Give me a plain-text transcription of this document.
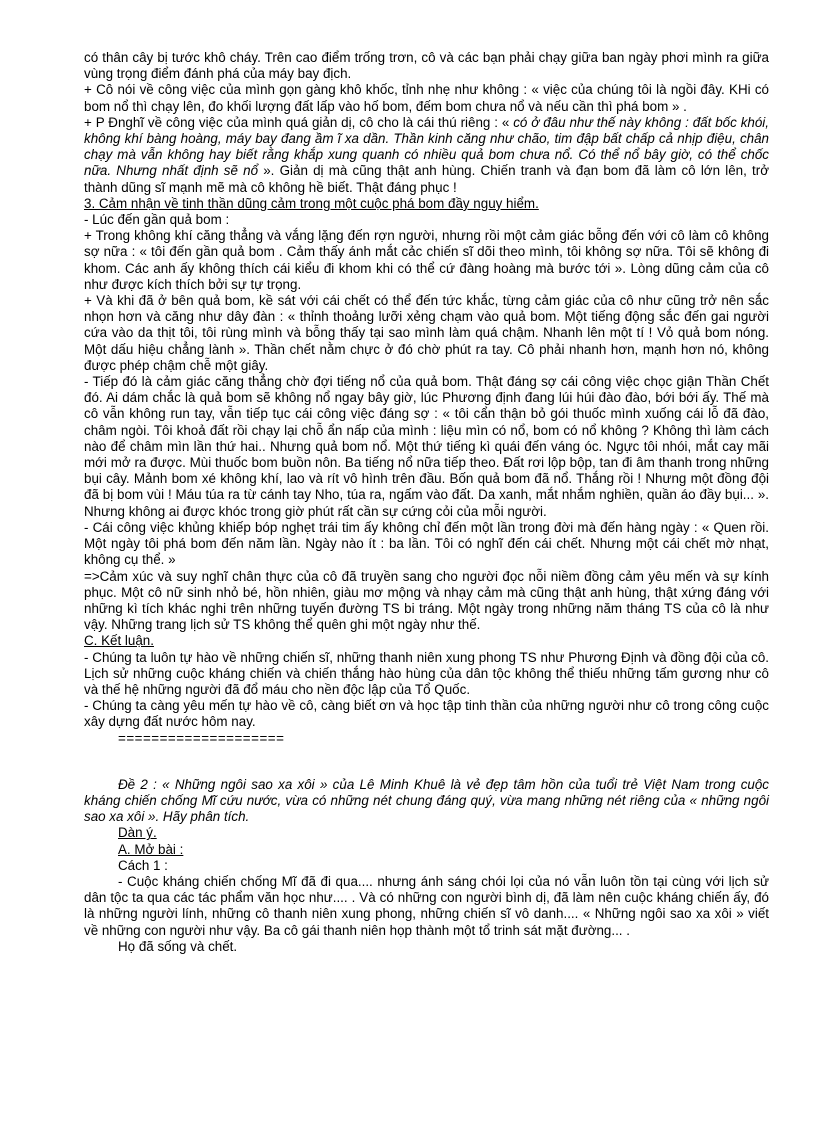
có thân cây bị tước khô cháy. Trên cao điểm trống trơn, cô và các bạn phải chạy giữa ban ngày phơi mình ra giữa vùng trọng điểm đánh phá của máy bay địch.

+ Cô nói về công việc của mình gọn gàng khô khốc, tỉnh nhẹ như không : « việc của chúng tôi là ngồi đây. KHi có bom nổ thì chạy lên, đo khối lượng đất lấp vào hố bom, đếm bom chưa nổ và nếu cần thì phá bom » .

+ P Đnghĩ về công việc của mình quá giản dị, cô cho là cái thú riêng : « có ở đâu như thế này không : đất bốc khói, không khí bàng hoàng, máy bay đang ầm ĩ xa dần. Thần kinh căng như chão, tim đập bất chấp cả nhịp điệu, chân chạy mà vẫn không hay biết rằng khắp xung quanh có nhiều quả bom chưa nổ. Có thể nổ bây giờ, có thể chốc nữa. Nhưng nhất định sẽ nổ ». Giản dị mà cũng thật anh hùng. Chiến tranh và đạn bom đã làm cô lớn lên, trở thành dũng sĩ mạnh mẽ mà cô không hề biết. Thật đáng phục !

3. Cảm nhận về tinh thần dũng cảm trong một cuộc phá bom đầy nguy hiểm.

- Lúc đến gần quả bom :

+ Trong không khí căng thẳng và vắng lặng đến rợn người, nhưng rồi một cảm giác bỗng đến với cô làm cô không sợ nữa : « tôi đến gần quả bom . Cảm thấy ánh mắt cảc chiến sĩ dõi theo mình, tôi không sợ nữa. Tôi sẽ không đi khom. Các anh ấy không thích cái kiểu đi khom khi có thể cứ đàng hoàng mà bước tới ». Lòng dũng cảm của cô như được kích thích bởi sự tự trọng.

+ Và khi đã ở bên quả bom, kề sát với cái chết có thể đến tức khắc, từng cảm giác của cô như cũng trở nên sắc nhọn hơn và căng như dây đàn : « thỉnh thoảng lưỡi xẻng chạm vào quả bom. Một tiếng động sắc đến gai người cứa vào da thịt tôi, tôi rùng mình và bỗng thấy tại sao mình làm quá chậm. Nhanh lên một tí ! Vỏ quả bom nóng. Một dấu hiệu chẳng lành ». Thần chết nằm chực ở đó chờ phút ra tay. Cô phải nhanh hơn, mạnh hơn nó, không được phép chậm chễ một giây.

- Tiếp đó là cảm giác căng thẳng chờ đợi tiếng nổ của quả bom. Thật đáng sợ cái công việc chọc giận Thần Chết đó. Ai dám chắc là quả bom sẽ không nổ ngay bây giờ, lúc Phương định đang lúi húi đào đào, bới bới ấy. Thế mà cô vẫn không run tay, vẫn tiếp tục cái công việc đáng sợ : « tôi cẩn thận bỏ gói thuốc mình xuống cái lỗ đã đào, châm ngòi. Tôi khoả đất rồi chạy lại chỗ ẩn nấp của mình : liệu mìn có nổ, bom có nổ không ? Không thì làm cách nào để châm mìn lần thứ hai.. Nhưng quả bom nổ. Một thứ tiếng kì quái đến váng óc. Ngực tôi nhói, mắt cay mãi mới mở ra được. Mùi thuốc bom buồn nôn. Ba tiếng nổ nữa tiếp theo. Đất rơi lộp bộp, tan đi âm thanh trong những bụi cây. Mảnh bom xé không khí, lao và rít vô hình trên đầu. Bốn quả bom đã nổ. Thắng rồi ! Nhưng một đồng đội đã bị bom vùi ! Máu túa ra từ cánh tay Nho, túa ra, ngấm vào đất. Da xanh, mắt nhắm nghiền, quần áo đầy bụi... ». Nhưng không ai được khóc trong giờ phút rất cần sự cứng cỏi của mỗi người.

- Cái công việc khủng khiếp bóp nghẹt trái tim ấy không chỉ đến một lần trong đời mà đến hàng ngày : « Quen rồi. Một ngày tôi phá bom đến năm lần. Ngày nào ít : ba lần. Tôi có nghĩ đến cái chết. Nhưng một cái chết mờ nhạt, không cụ thể. »

=>Cảm xúc và suy nghĩ chân thực của cô đã truyền sang cho người đọc nỗi niềm đồng cảm yêu mến và sự kính phục. Một cô nữ sinh nhỏ bé, hồn nhiên, giàu mơ mộng và nhạy cảm mà cũng thật anh hùng, thật xứng đáng với những kì tích khác nghi trên những tuyến đường TS bi tráng. Một ngày trong những năm tháng TS của cô là như vậy. Những trang lịch sử TS không thể quên ghi một ngày như thế.

C. Kết luận.

- Chúng ta luôn tự hào về những chiến sĩ, những thanh niên xung phong TS như Phương Định và đồng đội của cô. Lịch sử những cuộc kháng chiến và chiến thắng hào hùng của dân tộc không thể thiếu những tấm gương như cô và thế hệ những người đã đổ máu cho nền độc lập của Tổ Quốc.

- Chúng ta càng yêu mến tự hào về cô, càng biết ơn và học tập tinh thần của những người như cô trong công cuộc xây dựng đất nước hôm nay.

====================

Đề 2 : « Những ngôi sao xa xôi » của Lê Minh Khuê là vẻ đẹp tâm hồn của tuổi trẻ Việt Nam trong cuộc kháng chiến chống Mĩ cứu nước, vừa có những nét chung đáng quý, vừa mang những nét riêng của « những ngôi sao xa xôi ». Hãy phân tích.

Dàn ý.

A. Mở bài :

Cách 1 :

- Cuộc kháng chiến chống Mĩ đã đi qua.... nhưng ánh sáng chói lọi của nó vẫn luôn tồn tại cùng với lịch sử dân tộc ta qua các tác phẩm văn học như.... . Và có những con người bình dị, đã làm nên cuộc kháng chiến ấy, đó là những người lính, những cô thanh niên xung phong, những chiến sĩ vô danh.... « Những ngôi sao xa xôi » viết về những con người như vậy. Ba cô gái thanh niên họp thành một tổ trinh sát mặt đường... .

Họ đã sống và chết.
